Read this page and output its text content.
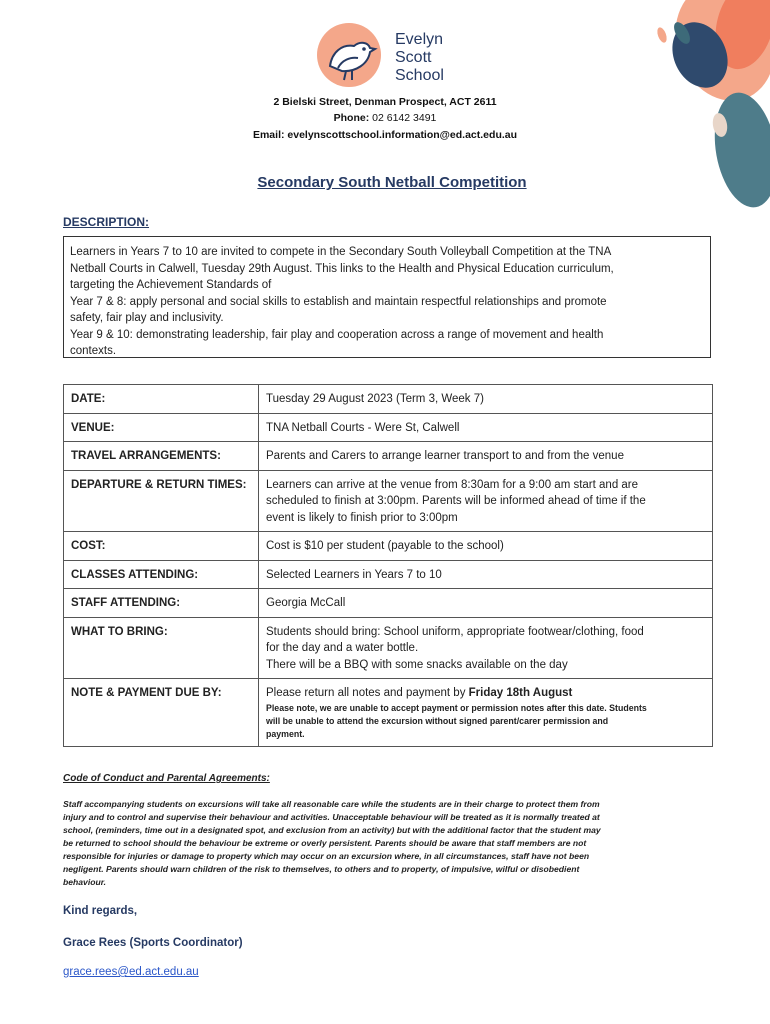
Evelyn
Scott
School
2 Bielski Street, Denman Prospect, ACT 2611
Phone: 02 6142 3491
Email: evelynscottschool.information@ed.act.edu.au
Secondary South Netball Competition
DESCRIPTION:
Learners in Years 7 to 10 are invited to compete in the Secondary South Volleyball Competition at the TNA
Netball Courts in Calwell, Tuesday 29th August. This links to the Health and Physical Education curriculum,
targeting the Achievement Standards of
Year 7 & 8: apply personal and social skills to establish and maintain respectful relationships and promote
safety, fair play and inclusivity.
Year 9 & 10: demonstrating leadership, fair play and cooperation across a range of movement and health
contexts.
DATE:	Tuesday 29 August 2023 (Term 3, Week 7)
VENUE:	TNA Netball Courts - Were St, Calwell
TRAVEL ARRANGEMENTS:	Parents and Carers to arrange learner transport to and from the venue
DEPARTURE & RETURN TIMES:	Learners can arrive at the venue from 8:30am for a 9:00 am start and are
scheduled to finish at 3:00pm. Parents will be informed ahead of time if the
event is likely to finish prior to 3:00pm

COST:	Cost is $10 per student (payable to the school)
CLASSES ATTENDING:	Selected Learners in Years 7 to 10
STAFF ATTENDING:	Georgia McCall
WHAT TO BRING:	Students should bring: School uniform, appropriate footwear/clothing, food
for the day and a water bottle.
There will be a BBQ with some snacks available on the day

NOTE & PAYMENT DUE BY:	Please return all notes and payment by Friday 18th August
Please note, we are unable to accept payment or permission notes after this date. Students
will be unable to attend the excursion without signed parent/carer permission and
payment.
Code of Conduct and Parental Agreements:
Staff accompanying students on excursions will take all reasonable care while the students are in their charge to protect them from
injury and to control and supervise their behaviour and activities. Unacceptable behaviour will be treated as it is normally treated at
school, (reminders, time out in a designated spot, and exclusion from an activity) but with the additional factor that the student may
be returned to school should the behaviour be extreme or overly persistent. Parents should be aware that staff members are not
responsible for injuries or damage to property which may occur on an excursion where, in all circumstances, staff have not been
negligent. Parents should warn children of the risk to themselves, to others and to property, of impulsive, wilful or disobedient
behaviour.
Kind regards,
Grace Rees (Sports Coordinator)
grace.rees@ed.act.edu.au
